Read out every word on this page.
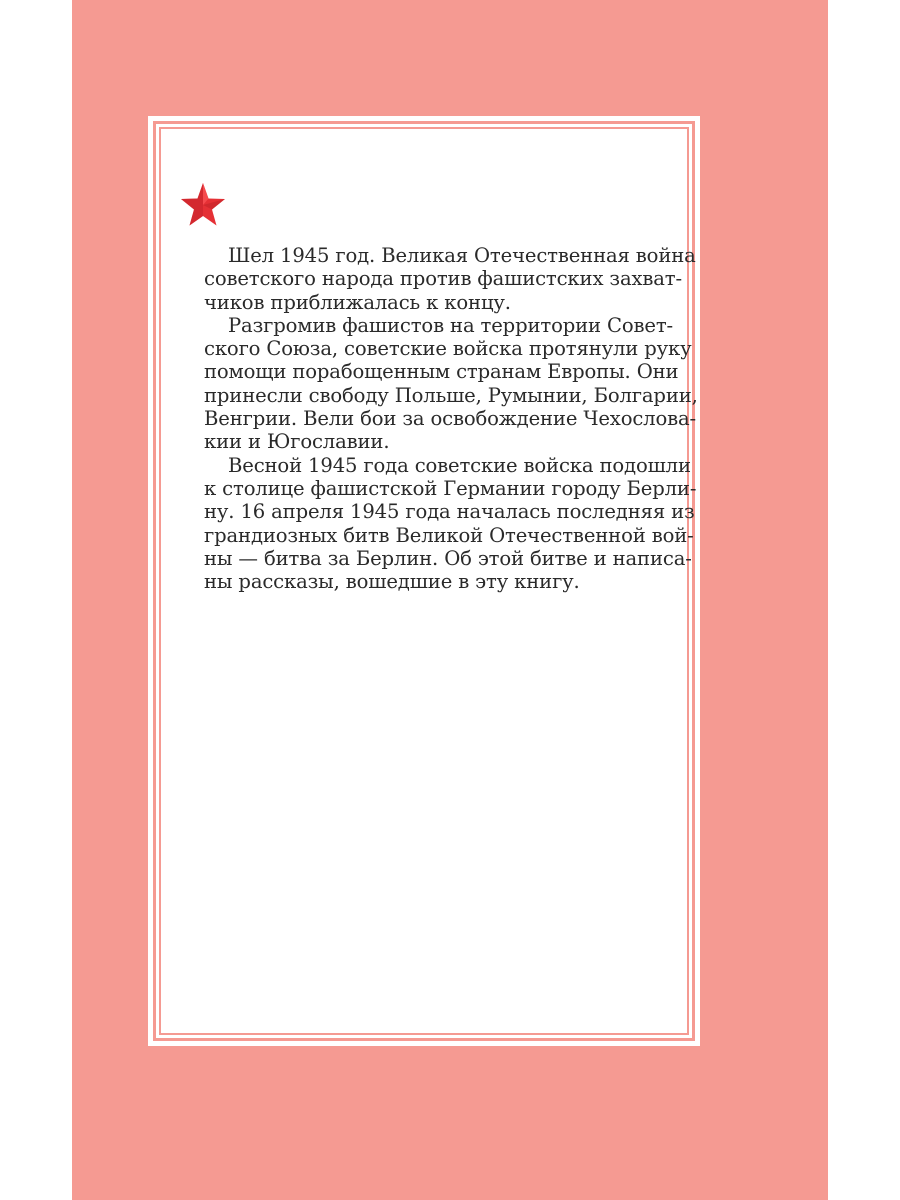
Шел 1945 год. Великая Отечественная война
советского народа против фашистских захват-
чиков приближалась к концу.
Разгромив фашистов на территории Совет-
ского Союза, советские войска протянули руку
помощи порабощенным странам Европы. Они
принесли свободу Польше, Румынии, Болгарии,
Венгрии. Вели бои за освобождение Чехослова-
кии и Югославии.
Весной 1945 года советские войска подошли
к столице фашистской Германии городу Берли-
ну. 16 апреля 1945 года началась последняя из
грандиозных битв Великой Отечественной вой-
ны — битва за Берлин. Об этой битве и написа-
ны рассказы, вошедшие в эту книгу.
